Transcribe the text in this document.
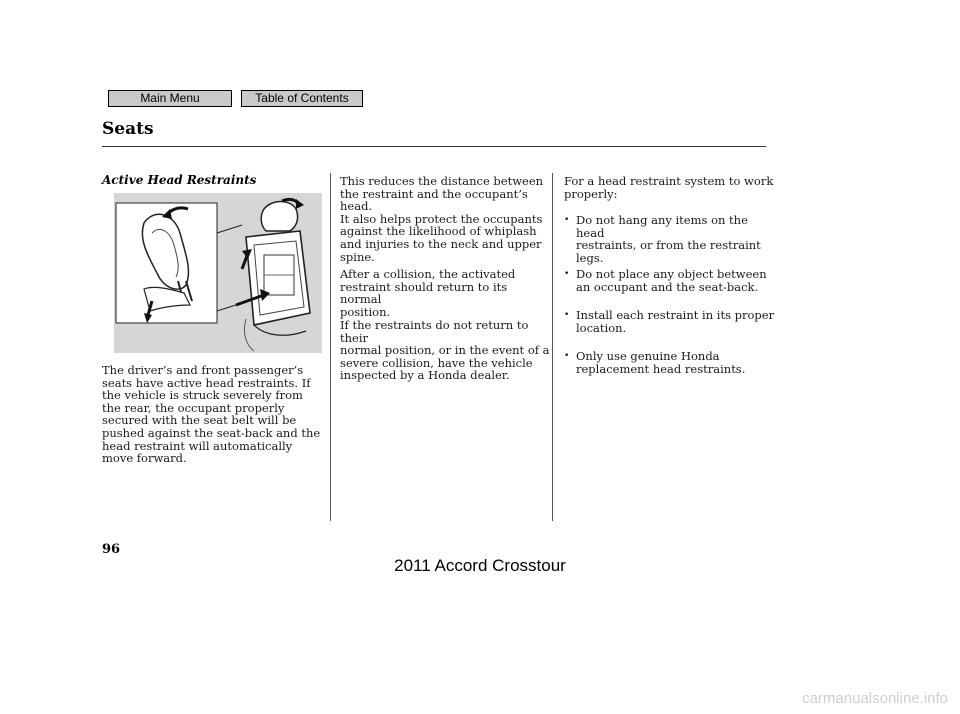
Main Menu	Table of Contents
Seats
Active Head Restraints

The driver’s and front passenger’s
seats have active head restraints. If
the vehicle is struck severely from
the rear, the occupant properly
secured with the seat belt will be
pushed against the seat-back and the
head restraint will automatically
move forward.

This reduces the distance between
the restraint and the occupant’s head.
It also helps protect the occupants
against the likelihood of whiplash
and injuries to the neck and upper
spine.

After a collision, the activated
restraint should return to its normal
position.

If the restraints do not return to their
normal position, or in the event of a
severe collision, have the vehicle
inspected by a Honda dealer.

For a head restraint system to work
properly:

• Do not hang any items on the head
restraints, or from the restraint
legs.

• Do not place any object between
an occupant and the seat-back.

• Install each restraint in its proper
location.

• Only use genuine Honda
replacement head restraints.

96
2011 Accord Crosstour
carmanualsonline.info
